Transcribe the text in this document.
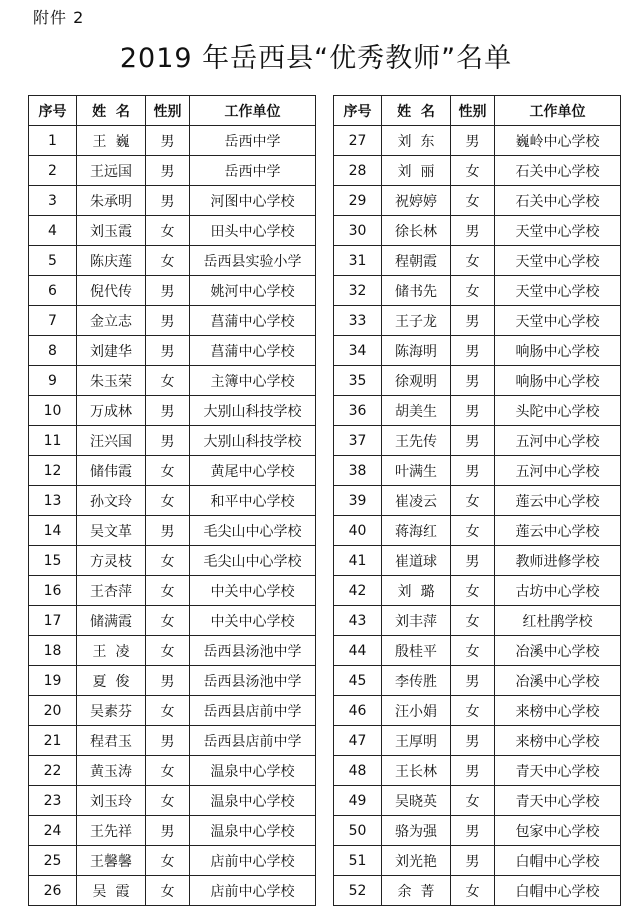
附件 2
2019 年岳西县“优秀教师”名单
序号	姓  名	性别	工作单位
1	王  巍	男	岳西中学
2	王远国	男	岳西中学
3	朱承明	男	河图中心学校
4	刘玉霞	女	田头中心学校
5	陈庆莲	女	岳西县实验小学
6	倪代传	男	姚河中心学校
7	金立志	男	菖蒲中心学校
8	刘建华	男	菖蒲中心学校
9	朱玉荣	女	主簿中心学校
10	万成林	男	大别山科技学校
11	汪兴国	男	大别山科技学校
12	储伟霞	女	黄尾中心学校
13	孙文玲	女	和平中心学校
14	吴文革	男	毛尖山中心学校
15	方灵枝	女	毛尖山中心学校
16	王杏萍	女	中关中心学校
17	储满霞	女	中关中心学校
18	王  凌	女	岳西县汤池中学
19	夏  俊	男	岳西县汤池中学
20	吴素芬	女	岳西县店前中学
21	程君玉	男	岳西县店前中学
22	黄玉涛	女	温泉中心学校
23	刘玉玲	女	温泉中心学校
24	王先祥	男	温泉中心学校
25	王馨馨	女	店前中心学校
26	吴  霞	女	店前中心学校
序号	姓  名	性别	工作单位
27	刘  东	男	巍岭中心学校
28	刘  丽	女	石关中心学校
29	祝婷婷	女	石关中心学校
30	徐长林	男	天堂中心学校
31	程朝霞	女	天堂中心学校
32	储书先	女	天堂中心学校
33	王子龙	男	天堂中心学校
34	陈海明	男	响肠中心学校
35	徐观明	男	响肠中心学校
36	胡美生	男	头陀中心学校
37	王先传	男	五河中心学校
38	叶满生	男	五河中心学校
39	崔凌云	女	莲云中心学校
40	蒋海红	女	莲云中心学校
41	崔道球	男	教师进修学校
42	刘  璐	女	古坊中心学校
43	刘丰萍	女	红杜鹃学校
44	殷桂平	女	冶溪中心学校
45	李传胜	男	冶溪中心学校
46	汪小娟	女	来榜中心学校
47	王厚明	男	来榜中心学校
48	王长林	男	青天中心学校
49	吴晓英	女	青天中心学校
50	骆为强	男	包家中心学校
51	刘光艳	男	白帽中心学校
52	余  菁	女	白帽中心学校
